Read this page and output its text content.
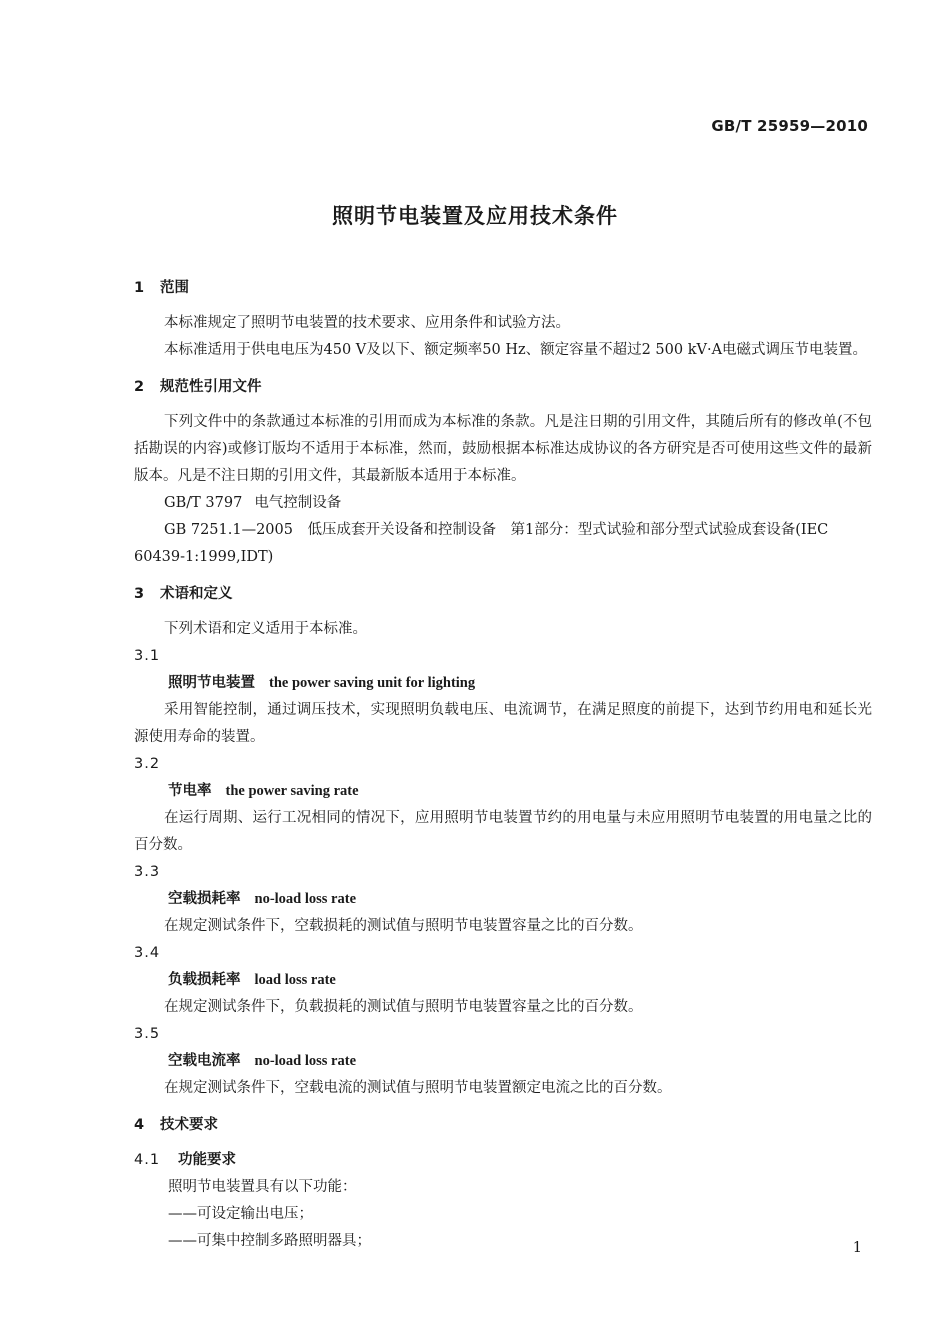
GB/T 25959—2010
照明节电装置及应用技术条件

1 范围

本标准规定了照明节电装置的技术要求、应用条件和试验方法。

本标准适用于供电电压为450 V及以下、额定频率50 Hz、额定容量不超过2 500 kV·A电磁式调压节电装置。

2 规范性引用文件

下列文件中的条款通过本标准的引用而成为本标准的条款。凡是注日期的引用文件，其随后所有的修改单(不包括勘误的内容)或修订版均不适用于本标准，然而，鼓励根据本标准达成协议的各方研究是否可使用这些文件的最新版本。凡是不注日期的引用文件，其最新版本适用于本标准。

GB/T 3797 电气控制设备

GB 7251.1—2005　低压成套开关设备和控制设备　第1部分：型式试验和部分型式试验成套设备(IEC 60439-1:1999,IDT)

3 术语和定义

下列术语和定义适用于本标准。

3.1

照明节电装置 the power saving unit for lighting

采用智能控制，通过调压技术，实现照明负载电压、电流调节，在满足照度的前提下，达到节约用电和延长光源使用寿命的装置。

3.2

节电率 the power saving rate

在运行周期、运行工况相同的情况下，应用照明节电装置节约的用电量与未应用照明节电装置的用电量之比的百分数。

3.3

空载损耗率 no-load loss rate

在规定测试条件下，空载损耗的测试值与照明节电装置容量之比的百分数。

3.4

负载损耗率 load loss rate

在规定测试条件下，负载损耗的测试值与照明节电装置容量之比的百分数。

3.5

空载电流率 no-load loss rate

在规定测试条件下，空载电流的测试值与照明节电装置额定电流之比的百分数。

4 技术要求

4.1 功能要求

照明节电装置具有以下功能：

——可设定输出电压；

——可集中控制多路照明器具；	1
